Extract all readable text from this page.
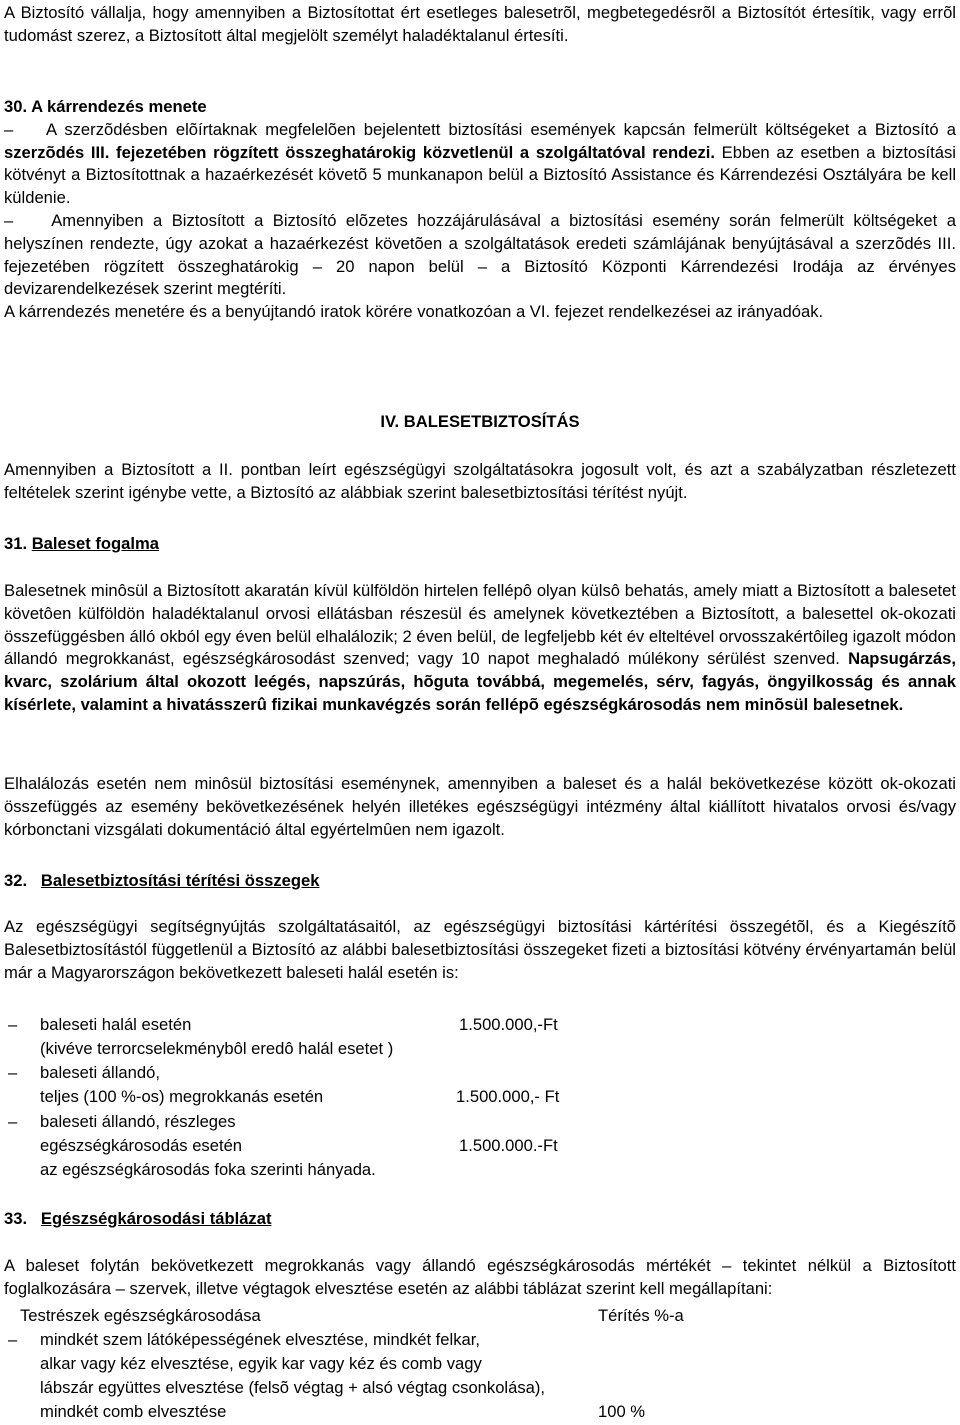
A Biztosító vállalja, hogy amennyiben a Biztosítottat ért esetleges balesetrõl, megbetegedésrõl a Biztosítót értesítik, vagy errõl tudomást szerez, a Biztosított által megjelölt személyt haladéktalanul értesíti.

30. A kárrendezés menete

– A szerzõdésben elõírtaknak megfelelõen bejelentett biztosítási események kapcsán felmerült költségeket a Biztosító a szerzõdés III. fejezetében rögzített összeghatárokig közvetlenül a szolgáltatóval rendezi. Ebben az esetben a biztosítási kötvényt a Biztosítottnak a hazaérkezését követõ 5 munkanapon belül a Biztosító Assistance és Kárrendezési Osztályára be kell küldenie.

– Amennyiben a Biztosított a Biztosító elõzetes hozzájárulásával a biztosítási esemény során felmerült költségeket a helyszínen rendezte, úgy azokat a hazaérkezést követõen a szolgáltatások eredeti számlájának benyújtásával a szerzõdés III. fejezetében rögzített összeghatárokig – 20 napon belül – a Biztosító Központi Kárrendezési Irodája az érvényes devizarendelkezések szerint megtéríti.

A kárrendezés menetére és a benyújtandó iratok körére vonatkozóan a VI. fejezet rendelkezései az irányadóak.

IV. BALESETBIZTOSÍTÁS

Amennyiben a Biztosított a II. pontban leírt egészségügyi szolgáltatásokra jogosult volt, és azt a szabályzatban részletezett feltételek szerint igénybe vette, a Biztosító az alábbiak szerint balesetbiztosítási térítést nyújt.

31. Baleset fogalma

Balesetnek minôsül a Biztosított akaratán kívül külföldön hirtelen fellépô olyan külsô behatás, amely miatt a Biztosított a balesetet követôen külföldön haladéktalanul orvosi ellátásban részesül és amelynek következtében a Biztosított, a balesettel ok-okozati összefüggésben álló okból egy éven belül elhalálozik; 2 éven belül, de legfeljebb két év elteltével orvosszakértôileg igazolt módon állandó megrokkanást, egészségkárosodást szenved; vagy 10 napot meghaladó múlékony sérülést szenved. Napsugárzás, kvarc, szolárium által okozott leégés, napszúrás, hõguta továbbá, megemelés, sérv, fagyás, öngyilkosság és annak kísérlete, valamint a hivatásszerû fizikai munkavégzés során fellépõ egészségkárosodás nem minõsül balesetnek.

Elhalálozás esetén nem minôsül biztosítási eseménynek, amennyiben a baleset és a halál bekövetkezése között ok-okozati összefüggés az esemény bekövetkezésének helyén illetékes egészségügyi intézmény által kiállított hivatalos orvosi és/vagy kórbonctani vizsgálati dokumentáció által egyértelmûen nem igazolt.

32. Balesetbiztosítási térítési összegek

Az egészségügyi segítségnyújtás szolgáltatásaitól, az egészségügyi biztosítási kártérítési összegétõl, és a Kiegészítõ Balesetbiztosítástól függetlenül a Biztosító az alábbi balesetbiztosítási összegeket fizeti a biztosítási kötvény érvényartamán belül már a Magyarországon bekövetkezett baleseti halál esetén is:

– baleseti halál esetén	1.500.000,-Ft
(kivéve terrorcselekménybôl eredô halál esetet )
– baleseti állandó,
teljes (100 %-os) megrokkanás esetén	1.500.000,- Ft
– baleseti állandó, részleges
egészségkárosodás esetén	1.500.000.-Ft
az egészségkárosodás foka szerinti hányada.

33. Egészségkárosodási táblázat

A baleset folytán bekövetkezett megrokkanás vagy állandó egészségkárosodás mértékét – tekintet nélkül a Biztosított foglalkozására – szervek, illetve végtagok elvesztése esetén az alábbi táblázat szerint kell megállapítani:

Testrészek egészségkárosodása	Térítés %-a
– mindkét szem látóképességének elvesztése, mindkét felkar,
alkar vagy kéz elvesztése, egyik kar vagy kéz és comb vagy
lábszár együttes elvesztése (felsõ végtag + alsó végtag csonkolása),
mindkét comb elvesztése	100 %
